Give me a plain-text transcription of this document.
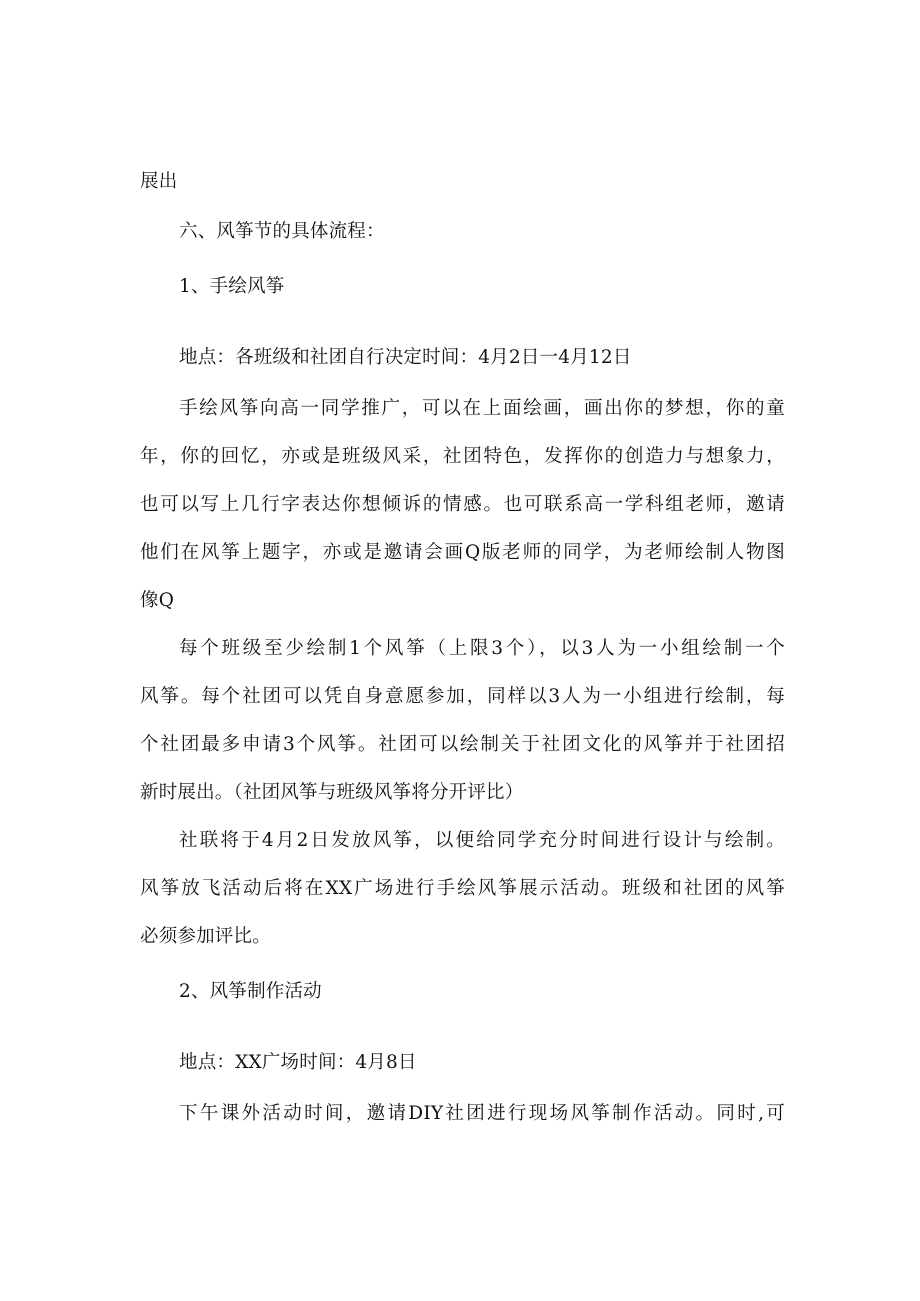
展出
六、风筝节的具体流程：
1、手绘风筝
地点：各班级和社团自行决定时间：4月2日一4月12日
手绘风筝向高一同学推广，可以在上面绘画，画出你的梦想，你的童
年，你的回忆，亦或是班级风采，社团特色，发挥你的创造力与想象力，
也可以写上几行字表达你想倾诉的情感。也可联系高一学科组老师，邀请
他们在风筝上题字，亦或是邀请会画Q版老师的同学，为老师绘制人物图
像Q
每个班级至少绘制1个风筝（上限3个），以3人为一小组绘制一个
风筝。每个社团可以凭自身意愿参加，同样以3人为一小组进行绘制，每
个社团最多申请3个风筝。社团可以绘制关于社团文化的风筝并于社团招
新时展出。（社团风筝与班级风筝将分开评比）
社联将于4月2日发放风筝，以便给同学充分时间进行设计与绘制。
风筝放飞活动后将在XX广场进行手绘风筝展示活动。班级和社团的风筝
必须参加评比。
2、风筝制作活动
地点：XX广场时间：4月8日
下午课外活动时间，邀请DIY社团进行现场风筝制作活动。同时,可
